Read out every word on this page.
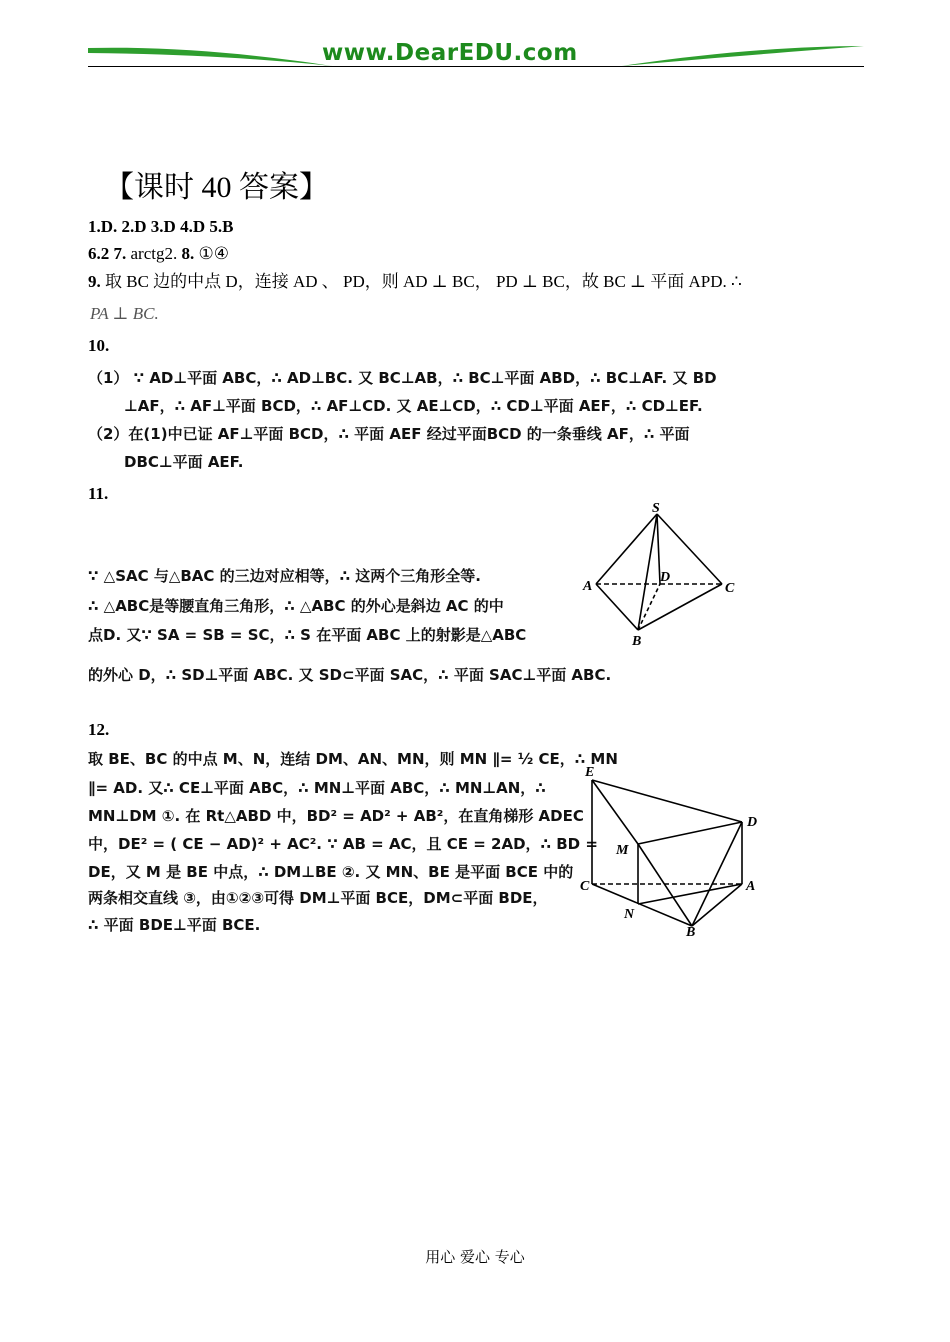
www.DearEDU.com
【课时 40 答案】
1.D. 2.D 3.D 4.D 5.B
6.2 7. arctg2. 8. ①④
9. 取 BC 边的中点 D，连接 AD 、 PD，则 AD ⊥ BC， PD ⊥ BC，故 BC ⊥ 平面 APD. ∴
PA ⊥ BC.
10.
（1） ∵ AD⊥平面 ABC，∴ AD⊥BC. 又 BC⊥AB，∴ BC⊥平面 ABD，∴ BC⊥AF. 又 BD
⊥AF，∴ AF⊥平面 BCD，∴ AF⊥CD. 又 AE⊥CD，∴ CD⊥平面 AEF，∴ CD⊥EF.
（2）在(1)中已证 AF⊥平面 BCD，∴ 平面 AEF 经过平面BCD 的一条垂线 AF，∴ 平面
DBC⊥平面 AEF.
11.
∵ △SAC 与△BAC 的三边对应相等，∴ 这两个三角形全等.
∴ △ABC是等腰直角三角形，∴ △ABC 的外心是斜边 AC 的中
点D. 又∵ SA = SB = SC，∴ S 在平面 ABC 上的射影是△ABC
的外心 D，∴ SD⊥平面 ABC. 又 SD⊂平面 SAC，∴ 平面 SAC⊥平面 ABC.
S
A
D
C
B
12.
取 BE、BC 的中点 M、N，连结 DM、AN、MN，则 MN ∥= ½ CE，∴ MN
∥= AD. 又∴ CE⊥平面 ABC，∴ MN⊥平面 ABC，∴ MN⊥AN，∴
MN⊥DM ①. 在 Rt△ABD 中，BD² = AD² + AB²，在直角梯形 ADEC
中，DE² = ( CE − AD)² + AC². ∵ AB = AC，且 CE = 2AD，∴ BD =
DE，又 M 是 BE 中点，∴ DM⊥BE ②. 又 MN、BE 是平面 BCE 中的
两条相交直线 ③，由①②③可得 DM⊥平面 BCE，DM⊂平面 BDE，
∴ 平面 BDE⊥平面 BCE.
E
D
M
C	A
N
B
用心 爱心 专心
